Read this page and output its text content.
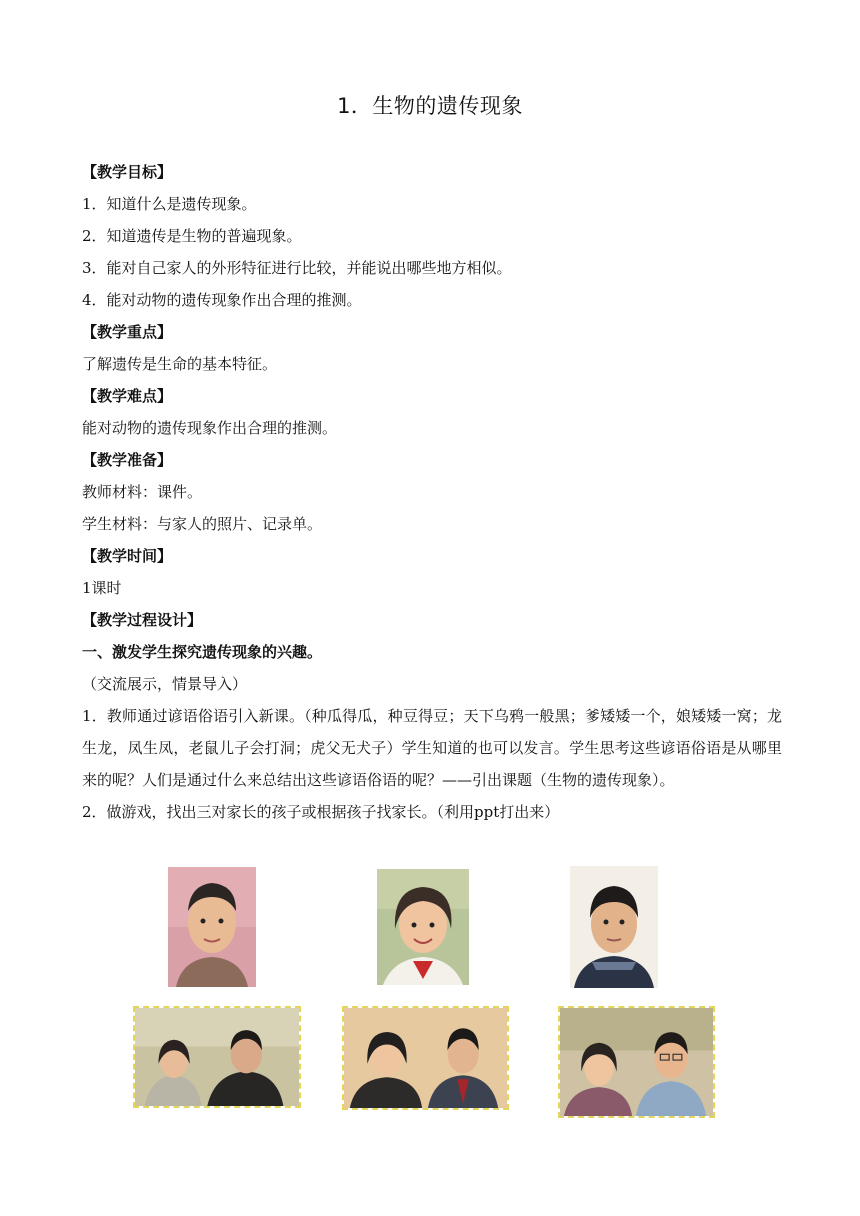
1．生物的遗传现象

【教学目标】

1．知道什么是遗传现象。

2．知道遗传是生物的普遍现象。

3．能对自己家人的外形特征进行比较，并能说出哪些地方相似。

4．能对动物的遗传现象作出合理的推测。

【教学重点】

了解遗传是生命的基本特征。

【教学难点】

能对动物的遗传现象作出合理的推测。

【教学准备】

教师材料：课件。

学生材料：与家人的照片、记录单。

【教学时间】

1课时

【教学过程设计】

一、激发学生探究遗传现象的兴趣。

（交流展示，情景导入）

1．教师通过谚语俗语引入新课。（种瓜得瓜，种豆得豆；天下乌鸦一般黑；爹矮矮一个，娘矮矮一窝；龙生龙，凤生凤，老鼠儿子会打洞；虎父无犬子）学生知道的也可以发言。学生思考这些谚语俗语是从哪里来的呢？人们是通过什么来总结出这些谚语俗语的呢？——引出课题（生物的遗传现象）。

2．做游戏，找出三对家长的孩子或根据孩子找家长。（利用ppt打出来）
